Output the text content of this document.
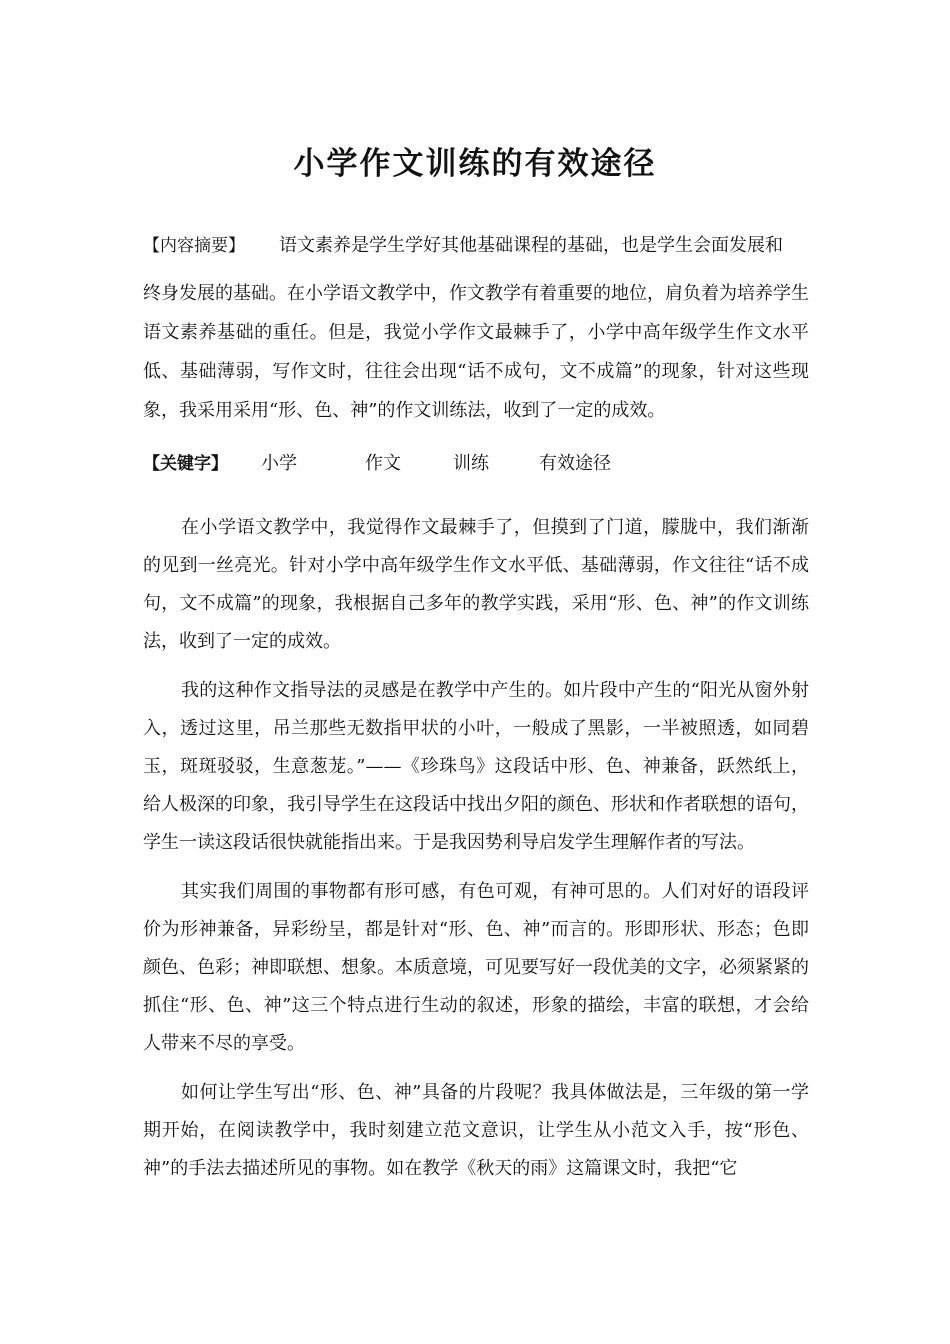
小学作文训练的有效途径
【内容摘要】 语文素养是学生学好其他基础课程的基础，也是学生会面发展和
终身发展的基础。在小学语文教学中，作文教学有着重要的地位，肩负着为培养学生语文素养基础的重任。但是，我觉小学作文最棘手了，小学中高年级学生作文水平低、基础薄弱，写作文时，往往会出现“话不成句，文不成篇”的现象，针对这些现象，我采用采用“形、色、神”的作文训练法，收到了一定的成效。
【关键字】 小学	作文	训练	有效途径

在小学语文教学中，我觉得作文最棘手了，但摸到了门道，朦胧中，我们渐渐的见到一丝亮光。针对小学中高年级学生作文水平低、基础薄弱，作文往往“话不成句，文不成篇”的现象，我根据自己多年的教学实践，采用“形、色、神”的作文训练法，收到了一定的成效。

我的这种作文指导法的灵感是在教学中产生的。如片段中产生的“阳光从窗外射入，透过这里，吊兰那些无数指甲状的小叶，一般成了黑影，一半被照透，如同碧玉，斑斑驳驳，生意葱茏。”——《珍珠鸟》这段话中形、色、神兼备，跃然纸上，给人极深的印象，我引导学生在这段话中找出夕阳的颜色、形状和作者联想的语句，学生一读这段话很快就能指出来。于是我因势利导启发学生理解作者的写法。

其实我们周围的事物都有形可感，有色可观，有神可思的。人们对好的语段评价为形神兼备，异彩纷呈，都是针对“形、色、神”而言的。形即形状、形态；色即颜色、色彩；神即联想、想象。本质意境，可见要写好一段优美的文字，必须紧紧的抓住“形、色、神”这三个特点进行生动的叙述，形象的描绘，丰富的联想，才会给人带来不尽的享受。

如何让学生写出“形、色、神”具备的片段呢？我具体做法是，三年级的第一学期开始，在阅读教学中，我时刻建立范文意识，让学生从小范文入手，按“形色、神”的手法去描述所见的事物。如在教学《秋天的雨》这篇课文时，我把“它
